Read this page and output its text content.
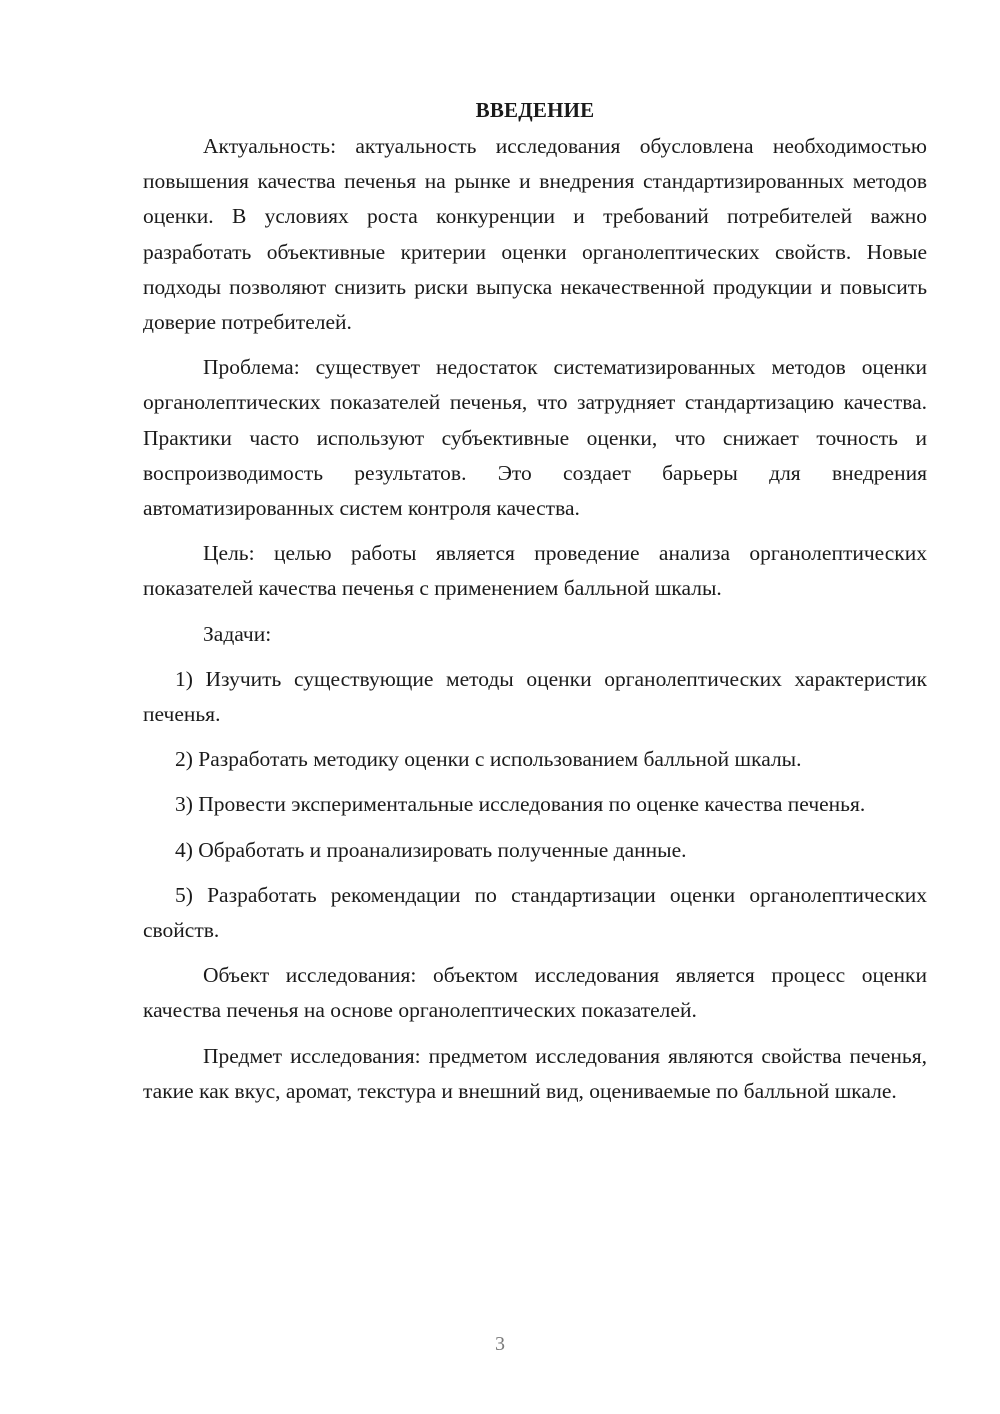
ВВЕДЕНИЕ

Актуальность: актуальность исследования обусловлена необходимостью повышения качества печенья на рынке и внедрения стандартизированных методов оценки. В условиях роста конкуренции и требований потребителей важно разработать объективные критерии оценки органолептических свойств. Новые подходы позволяют снизить риски выпуска некачественной продукции и повысить доверие потребителей.

Проблема: существует недостаток систематизированных методов оценки органолептических показателей печенья, что затрудняет стандартизацию качества. Практики часто используют субъективные оценки, что снижает точность и воспроизводимость результатов. Это создает барьеры для внедрения автоматизированных систем контроля качества.

Цель: целью работы является проведение анализа органолептических показателей качества печенья с применением балльной шкалы.

Задачи:

1) Изучить существующие методы оценки органолептических характеристик печенья.

2) Разработать методику оценки с использованием балльной шкалы.

3) Провести экспериментальные исследования по оценке качества печенья.

4) Обработать и проанализировать полученные данные.

5) Разработать рекомендации по стандартизации оценки органолептических свойств.

Объект исследования: объектом исследования является процесс оценки качества печенья на основе органолептических показателей.

Предмет исследования: предметом исследования являются свойства печенья, такие как вкус, аромат, текстура и внешний вид, оцениваемые по балльной шкале.

3
